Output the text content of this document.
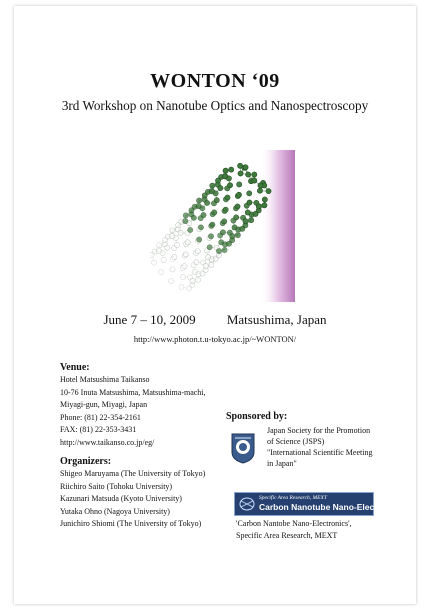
WONTON ‘09
3rd Workshop on Nanotube Optics and Nanospectroscopy
June 7 – 10, 2009 Matsushima, Japan
http://www.photon.t.u-tokyo.ac.jp/~WONTON/
Venue:
Hotel Matsushima Taikanso
10-76 Inuta Matsushima, Matsushima-machi,
Miyagi-gun, Miyagi, Japan
Phone: (81) 22-354-2161
FAX: (81) 22-353-3431
http://www.taikanso.co.jp/eg/
Organizers:
Shigeo Maruyama (The University of Tokyo)
Riichiro Saito (Tohoku University)
Kazunari Matsuda (Kyoto University)
Yutaka Ohno (Nagoya University)
Junichiro Shiomi (The University of Tokyo)
Sponsored by:
Japan Society for the Promotion
of Science (JSPS)
"International Scientific Meeting
in Japan"
Specific Area Research, MEXT
Carbon Nanotube Nano-Electronics
'Carbon Nantobe Nano-Electronics',
Specific Area Research, MEXT
